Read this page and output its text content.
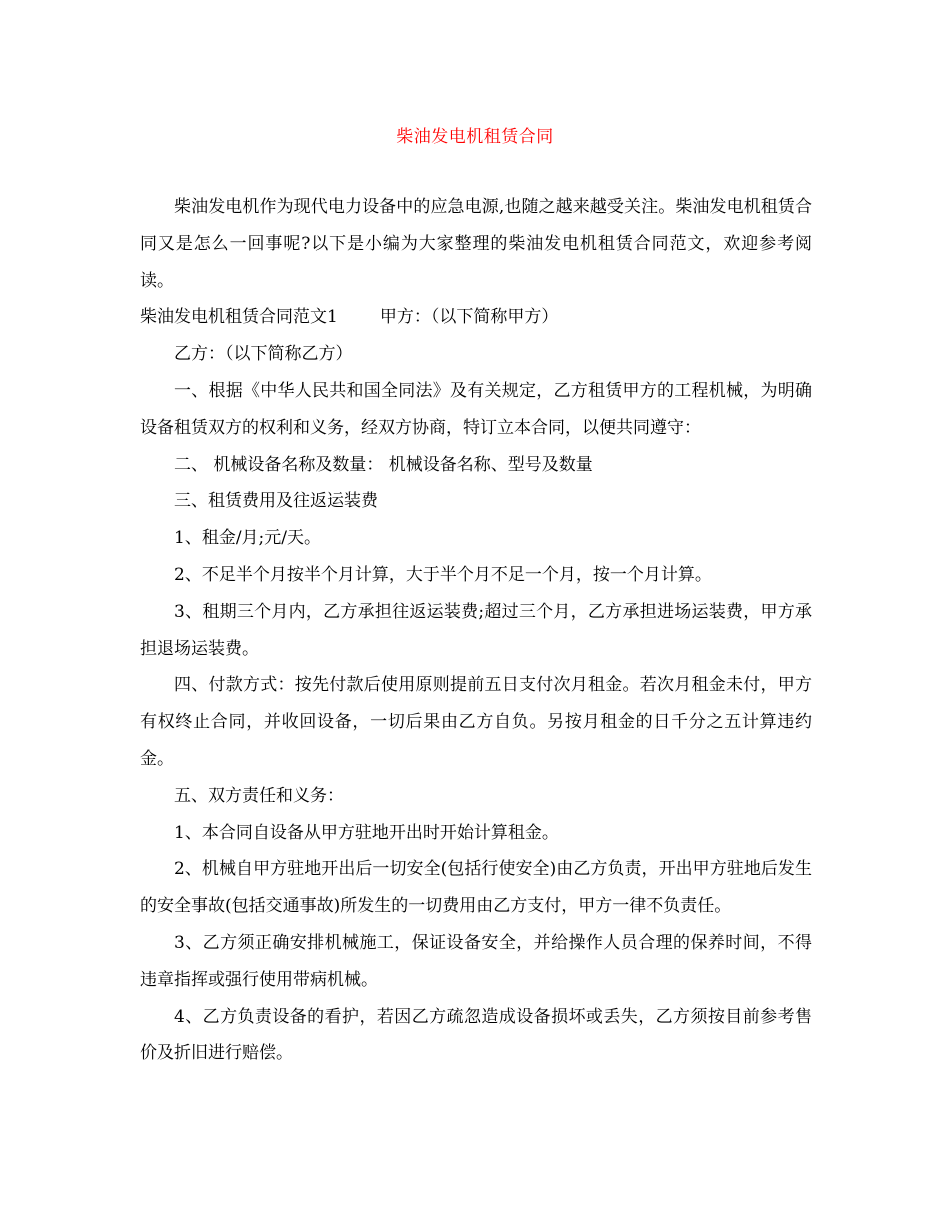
柴油发电机租赁合同

柴油发电机作为现代电力设备中的应急电源,也随之越来越受关注。柴油发电机租赁合同又是怎么一回事呢?以下是小编为大家整理的柴油发电机租赁合同范文，欢迎参考阅读。

柴油发电机租赁合同范文1 甲方：（以下简称甲方）

乙方：（以下简称乙方）

一、根据《中华人民共和国全同法》及有关规定，乙方租赁甲方的工程机械，为明确设备租赁双方的权利和义务，经双方协商，特订立本合同，以便共同遵守：

二、 机械设备名称及数量： 机械设备名称、型号及数量

三、租赁费用及往返运装费

1、租金/月;元/天。

2、不足半个月按半个月计算，大于半个月不足一个月，按一个月计算。

3、租期三个月内，乙方承担往返运装费;超过三个月，乙方承担进场运装费，甲方承担退场运装费。

四、付款方式：按先付款后使用原则提前五日支付次月租金。若次月租金未付，甲方有权终止合同，并收回设备，一切后果由乙方自负。另按月租金的日千分之五计算违约金。

五、双方责任和义务：

1、本合同自设备从甲方驻地开出时开始计算租金。

2、机械自甲方驻地开出后一切安全(包括行使安全)由乙方负责，开出甲方驻地后发生的安全事故(包括交通事故)所发生的一切费用由乙方支付，甲方一律不负责任。

3、乙方须正确安排机械施工，保证设备安全，并给操作人员合理的保养时间，不得违章指挥或强行使用带病机械。

4、乙方负责设备的看护，若因乙方疏忽造成设备损坏或丢失，乙方须按目前参考售价及折旧进行赔偿。
